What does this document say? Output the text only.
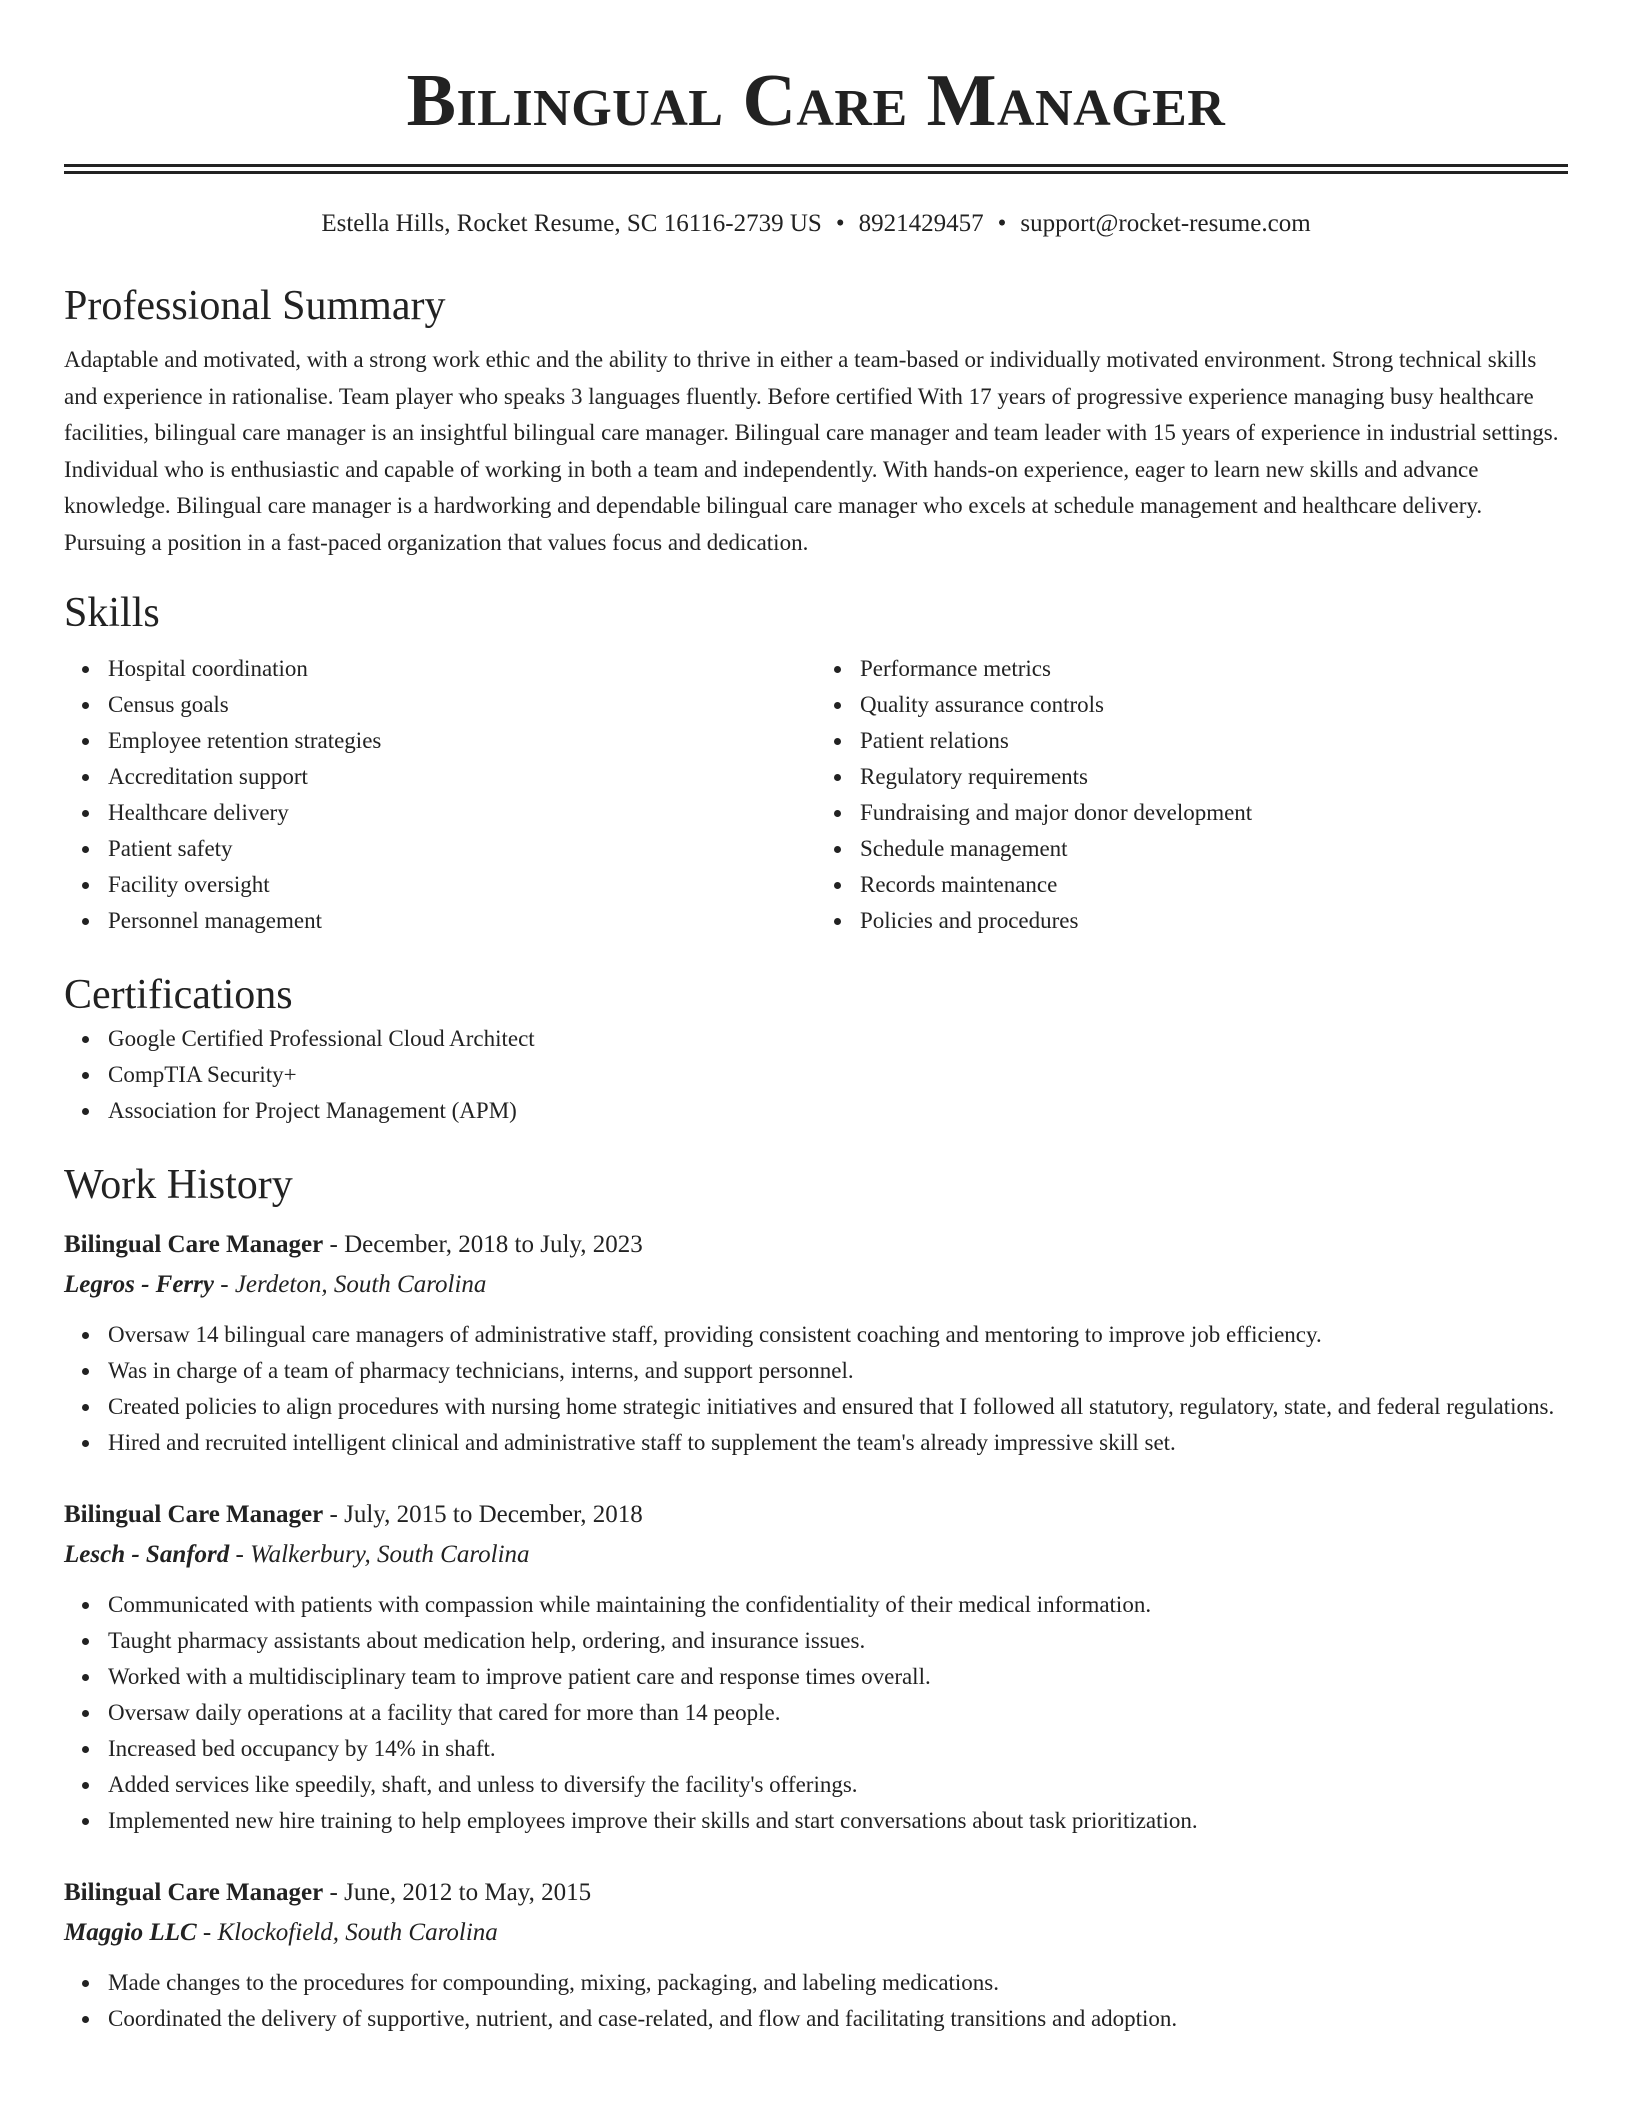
Bilingual Care Manager
Estella Hills, Rocket Resume, SC 16116-2739 US • 8921429457 • support@rocket-resume.com
Professional Summary

Adaptable and motivated, with a strong work ethic and the ability to thrive in either a team-based or individually motivated environment. Strong technical skills and experience in rationalise. Team player who speaks 3 languages fluently. Before certified With 17 years of progressive experience managing busy healthcare facilities, bilingual care manager is an insightful bilingual care manager. Bilingual care manager and team leader with 15 years of experience in industrial settings. Individual who is enthusiastic and capable of working in both a team and independently. With hands-on experience, eager to learn new skills and advance knowledge. Bilingual care manager is a hardworking and dependable bilingual care manager who excels at schedule management and healthcare delivery. Pursuing a position in a fast-paced organization that values focus and dedication.

Skills
Hospital coordination
Census goals
Employee retention strategies
Accreditation support
Healthcare delivery
Patient safety
Facility oversight
Personnel management
Performance metrics
Quality assurance controls
Patient relations
Regulatory requirements
Fundraising and major donor development
Schedule management
Records maintenance
Policies and procedures
Certifications
Google Certified Professional Cloud Architect
CompTIA Security+
Association for Project Management (APM)
Work History
Bilingual Care Manager - December, 2018 to July, 2023
Legros - Ferry - Jerdeton, South Carolina
Oversaw 14 bilingual care managers of administrative staff, providing consistent coaching and mentoring to improve job efficiency.
Was in charge of a team of pharmacy technicians, interns, and support personnel.
Created policies to align procedures with nursing home strategic initiatives and ensured that I followed all statutory, regulatory, state, and federal regulations.
Hired and recruited intelligent clinical and administrative staff to supplement the team's already impressive skill set.
Bilingual Care Manager - July, 2015 to December, 2018
Lesch - Sanford - Walkerbury, South Carolina
Communicated with patients with compassion while maintaining the confidentiality of their medical information.
Taught pharmacy assistants about medication help, ordering, and insurance issues.
Worked with a multidisciplinary team to improve patient care and response times overall.
Oversaw daily operations at a facility that cared for more than 14 people.
Increased bed occupancy by 14% in shaft.
Added services like speedily, shaft, and unless to diversify the facility's offerings.
Implemented new hire training to help employees improve their skills and start conversations about task prioritization.
Bilingual Care Manager - June, 2012 to May, 2015
Maggio LLC - Klockofield, South Carolina
Made changes to the procedures for compounding, mixing, packaging, and labeling medications.
Coordinated the delivery of supportive, nutrient, and case-related, and flow and facilitating transitions and adoption.
